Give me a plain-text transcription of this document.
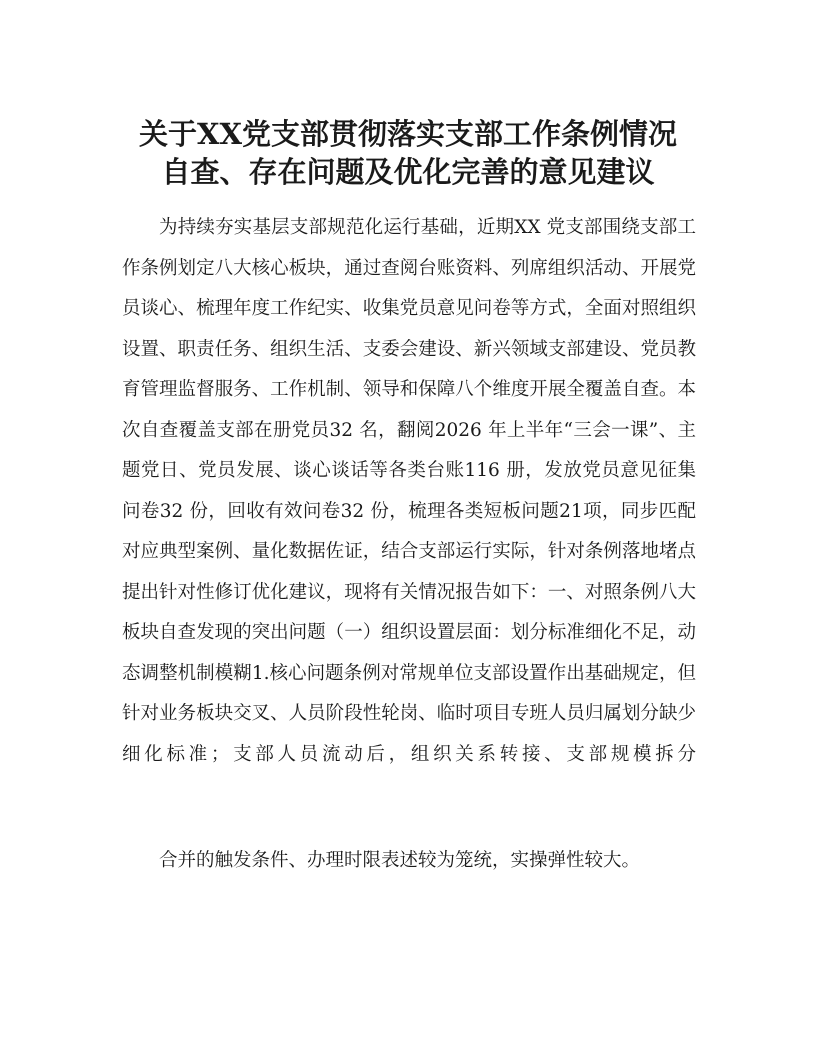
关于XX党支部贯彻落实支部工作条例情况
自查、存在问题及优化完善的意见建议

为持续夯实基层支部规范化运行基础，近期XX 党支部围绕支部工作条例划定八大核心板块，通过查阅台账资料、列席组织活动、开展党员谈心、梳理年度工作纪实、收集党员意见问卷等方式，全面对照组织设置、职责任务、组织生活、支委会建设、新兴领域支部建设、党员教育管理监督服务、工作机制、领导和保障八个维度开展全覆盖自查。本次自查覆盖支部在册党员32 名，翻阅2026 年上半年“三会一课”、主题党日、党员发展、谈心谈话等各类台账116 册，发放党员意见征集问卷32 份，回收有效问卷32 份，梳理各类短板问题21项，同步匹配对应典型案例、量化数据佐证，结合支部运行实际，针对条例落地堵点提出针对性修订优化建议，现将有关情况报告如下：一、对照条例八大板块自查发现的突出问题（一）组织设置层面：划分标准细化不足，动态调整机制模糊1.核心问题条例对常规单位支部设置作出基础规定，但针对业务板块交叉、人员阶段性轮岗、临时项目专班人员归属划分缺少细化标准；支部人员流动后，组织关系转接、支部规模拆分

合并的触发条件、办理时限表述较为笼统，实操弹性较大。
